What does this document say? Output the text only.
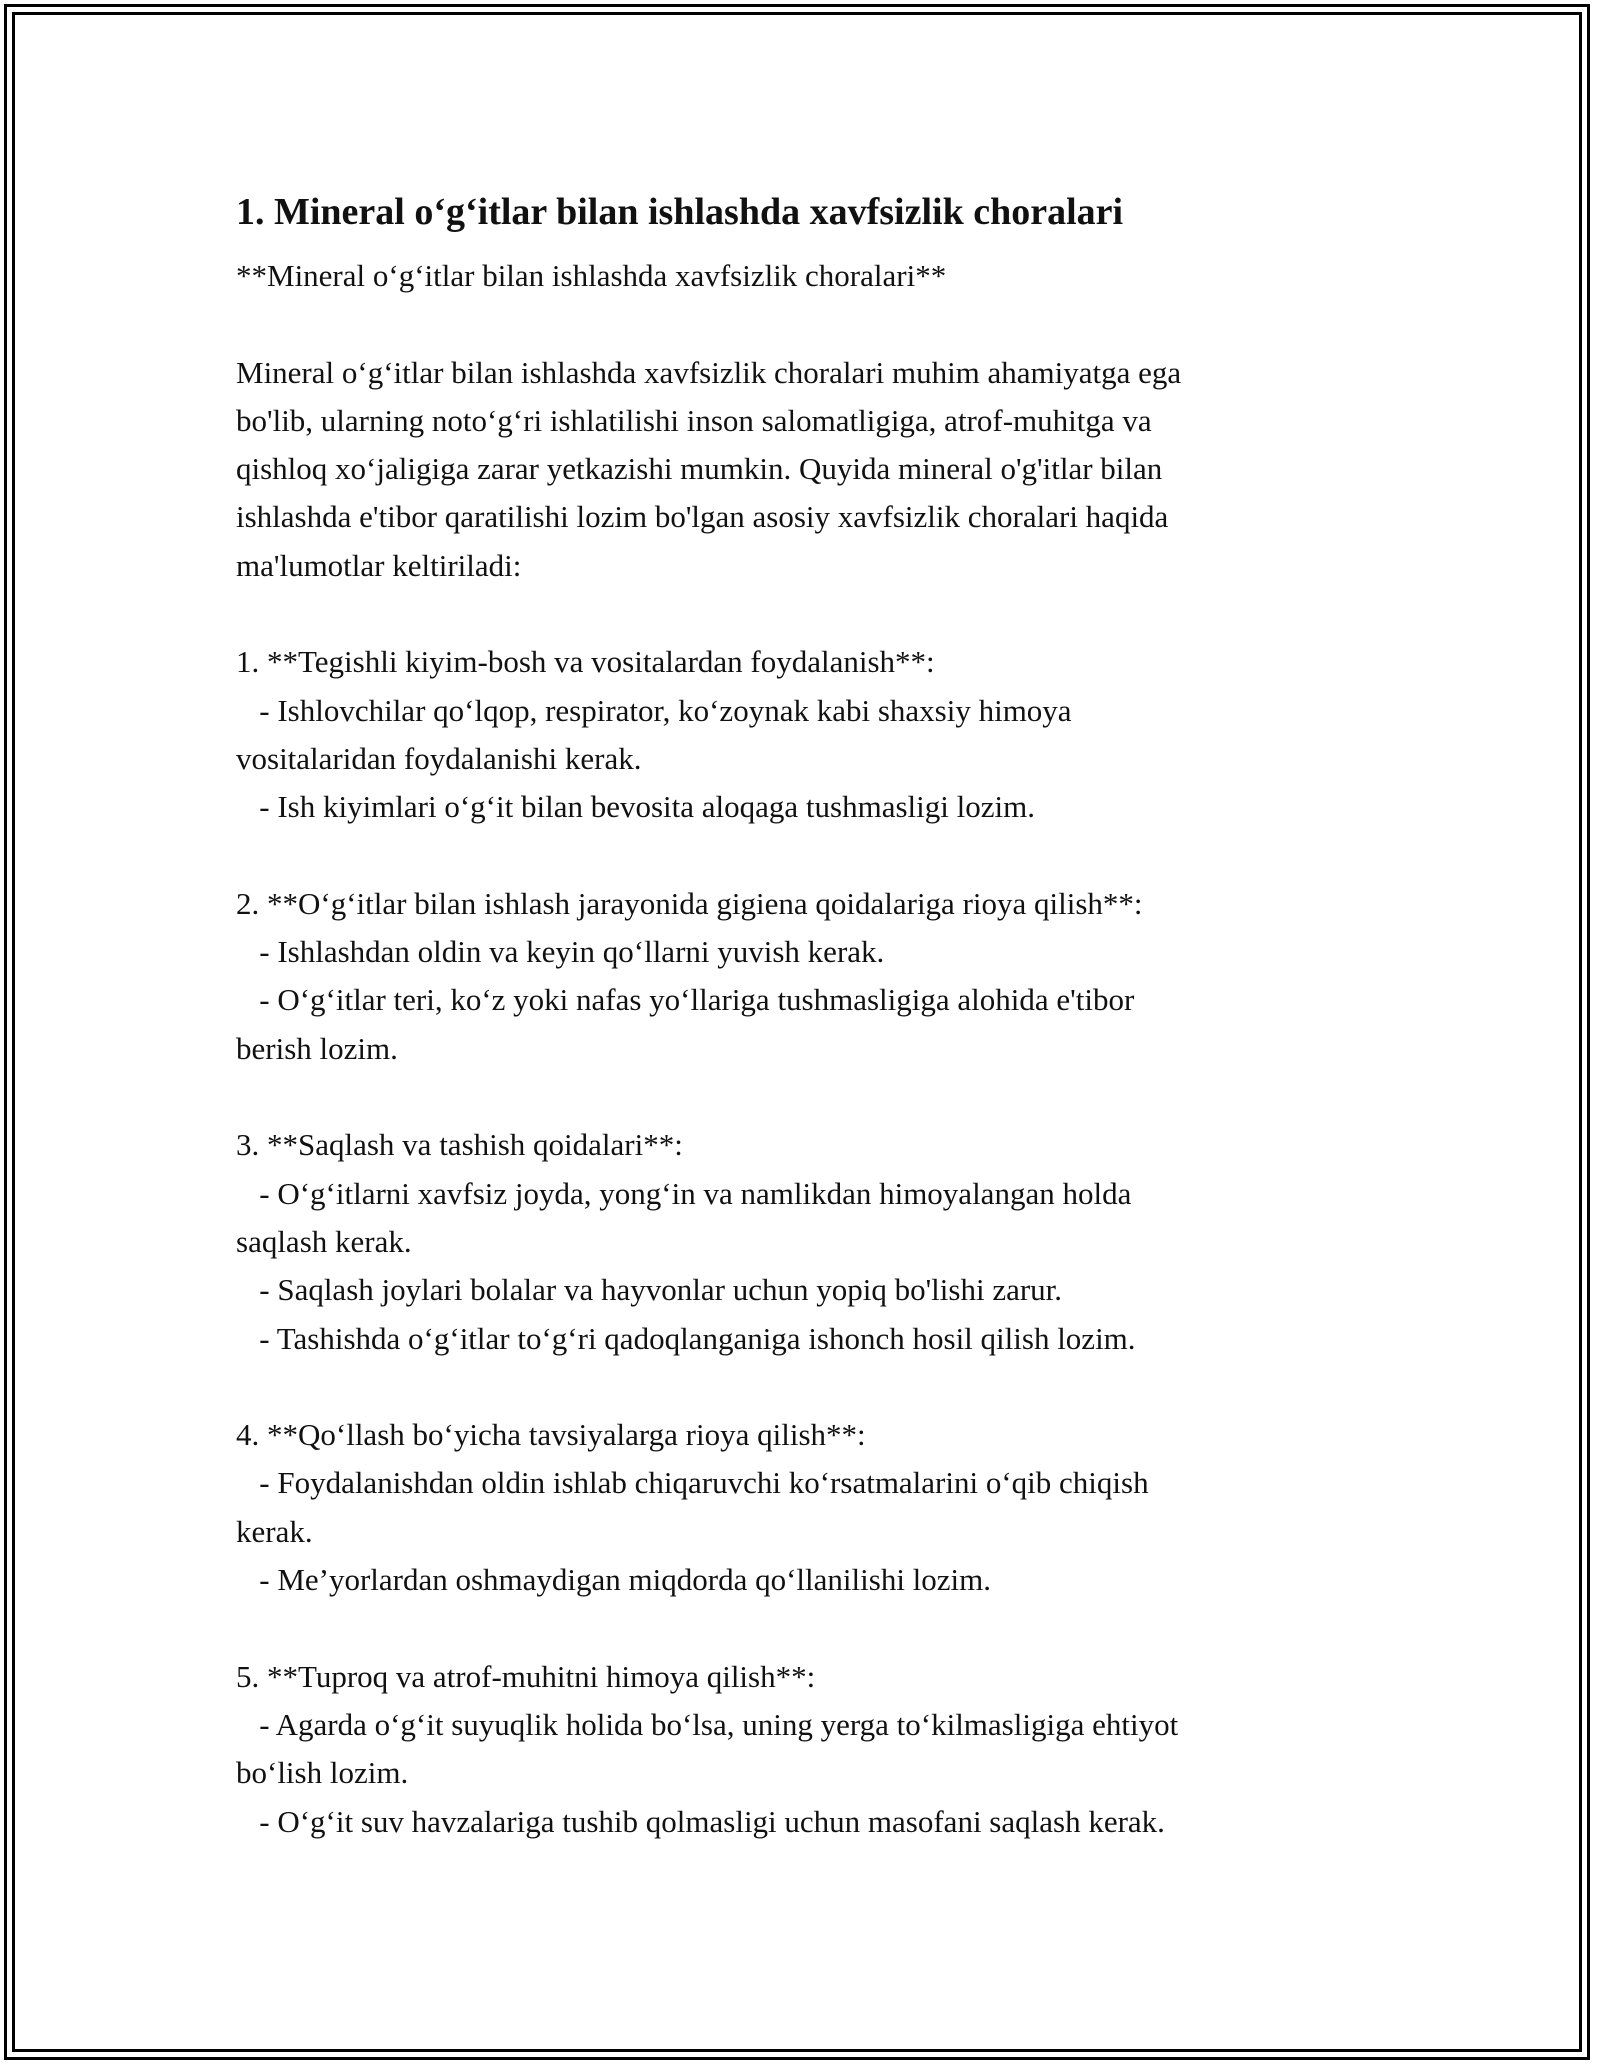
1. Mineral o‘g‘itlar bilan ishlashda xavfsizlik choralari

**Mineral o‘g‘itlar bilan ishlashda xavfsizlik choralari**

Mineral o‘g‘itlar bilan ishlashda xavfsizlik choralari muhim ahamiyatga ega

bo'lib, ularning noto‘g‘ri ishlatilishi inson salomatligiga, atrof-muhitga va

qishloq xo‘jaligiga zarar yetkazishi mumkin. Quyida mineral o'g'itlar bilan

ishlashda e'tibor qaratilishi lozim bo'lgan asosiy xavfsizlik choralari haqida

ma'lumotlar keltiriladi:

1. **Tegishli kiyim-bosh va vositalardan foydalanish**:

- Ishlovchilar qo‘lqop, respirator, ko‘zoynak kabi shaxsiy himoya

vositalaridan foydalanishi kerak.

- Ish kiyimlari o‘g‘it bilan bevosita aloqaga tushmasligi lozim.

2. **O‘g‘itlar bilan ishlash jarayonida gigiena qoidalariga rioya qilish**:

- Ishlashdan oldin va keyin qo‘llarni yuvish kerak.

- O‘g‘itlar teri, ko‘z yoki nafas yo‘llariga tushmasligiga alohida e'tibor

berish lozim.

3. **Saqlash va tashish qoidalari**:

- O‘g‘itlarni xavfsiz joyda, yong‘in va namlikdan himoyalangan holda

saqlash kerak.

- Saqlash joylari bolalar va hayvonlar uchun yopiq bo'lishi zarur.

- Tashishda o‘g‘itlar to‘g‘ri qadoqlanganiga ishonch hosil qilish lozim.

4. **Qo‘llash bo‘yicha tavsiyalarga rioya qilish**:

- Foydalanishdan oldin ishlab chiqaruvchi ko‘rsatmalarini o‘qib chiqish

kerak.

- Me’yorlardan oshmaydigan miqdorda qo‘llanilishi lozim.

5. **Tuproq va atrof-muhitni himoya qilish**:

- Agarda o‘g‘it suyuqlik holida bo‘lsa, uning yerga to‘kilmasligiga ehtiyot

bo‘lish lozim.

- O‘g‘it suv havzalariga tushib qolmasligi uchun masofani saqlash kerak.
